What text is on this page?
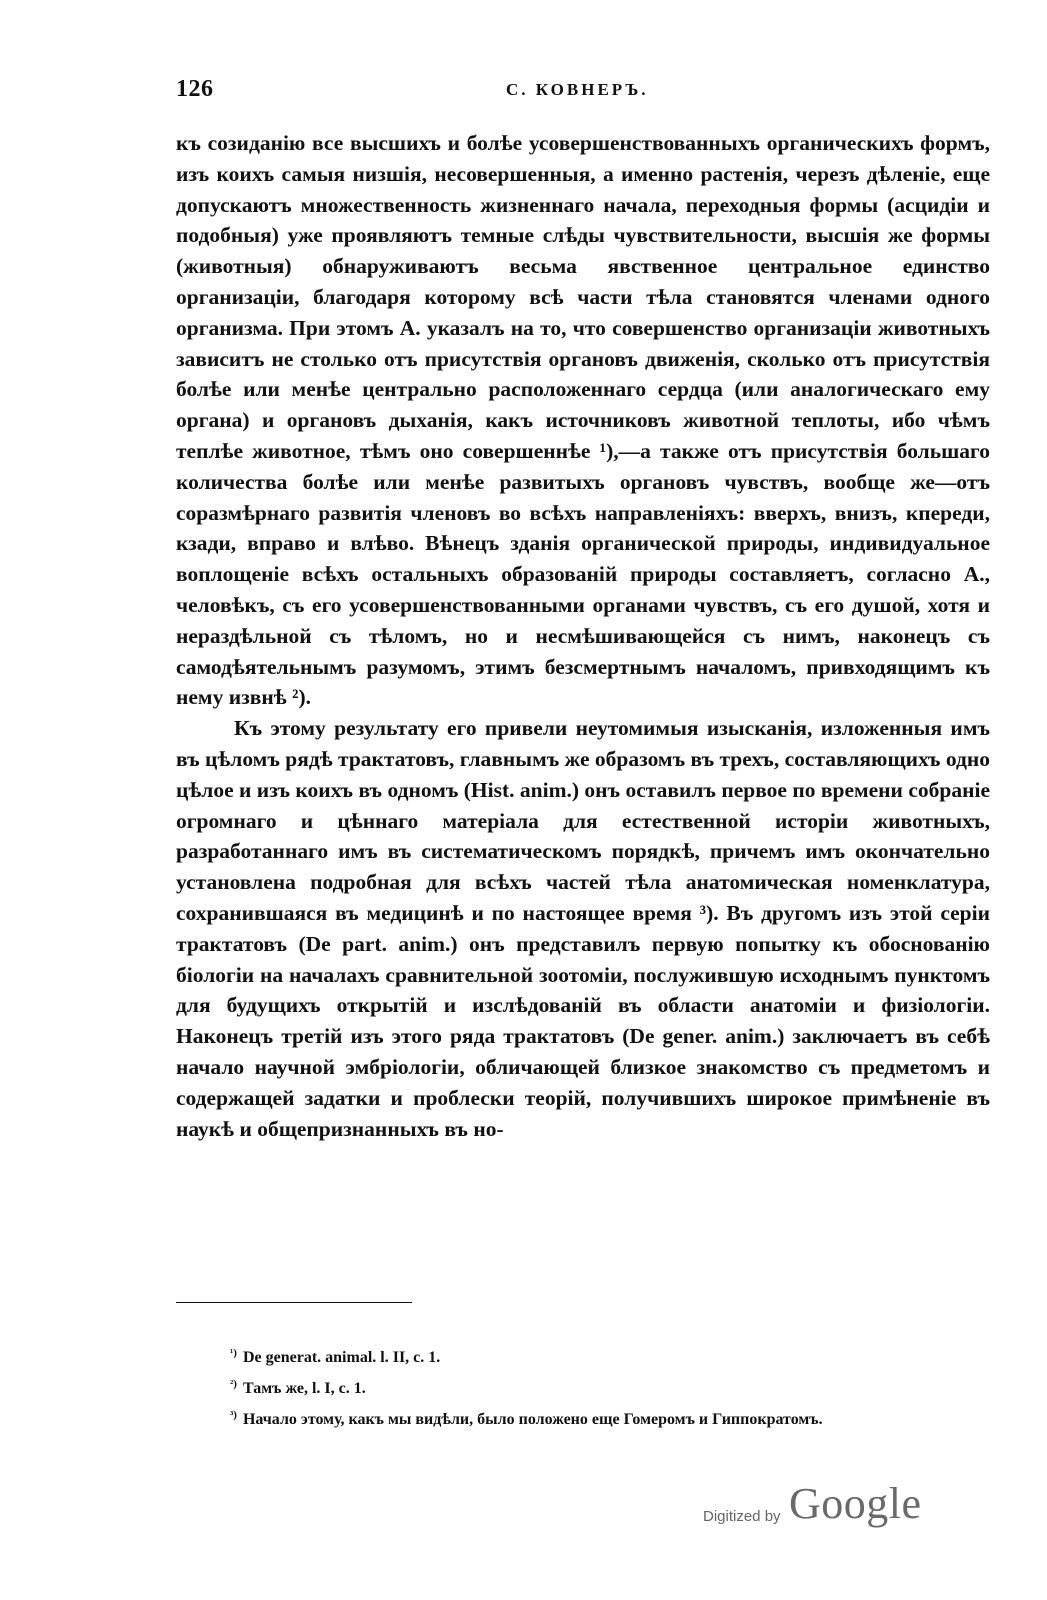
126	С. КОВНЕРЪ.

къ созиданію все высшихъ и болѣе усовершенствованныхъ органическихъ формъ, изъ коихъ самыя низшія, несовершенныя, а именно растенія, черезъ дѣленіе, еще допускаютъ множественность жизненнаго начала, переходныя формы (асцидіи и подобныя) уже проявляютъ темные слѣды чувствительности, высшія же формы (животныя) обнаруживаютъ весьма явственное центральное единство организаціи, благодаря которому всѣ части тѣла становятся членами одного организма. При этомъ А. указалъ на то, что совершенство организаціи животныхъ зависитъ не столько отъ присутствія органовъ движенія, сколько отъ присутствія болѣе или менѣе центрально расположеннаго сердца (или аналогическаго ему органа) и органовъ дыханія, какъ источниковъ животной теплоты, ибо чѣмъ теплѣе животное, тѣмъ оно совершеннѣе ¹),—а также отъ присутствія большаго количества болѣе или менѣе развитыхъ органовъ чувствъ, вообще же—отъ соразмѣрнаго развитія членовъ во всѣхъ направленіяхъ: вверхъ, внизъ, кпереди, кзади, вправо и влѣво. Вѣнецъ зданія органической природы, индивидуальное воплощеніе всѣхъ остальныхъ образованій природы составляетъ, согласно А., человѣкъ, съ его усовершенствованными органами чувствъ, съ его душой, хотя и нераздѣльной съ тѣломъ, но и несмѣшивающейся съ нимъ, наконецъ съ самодѣятельнымъ разумомъ, этимъ безсмертнымъ началомъ, привходящимъ къ нему извнѣ ²).

Къ этому результату его привели неутомимыя изысканія, изложенныя имъ въ цѣломъ рядѣ трактатовъ, главнымъ же образомъ въ трехъ, составляющихъ одно цѣлое и изъ коихъ въ одномъ (Hist. anim.) онъ оставилъ первое по времени собраніе огромнаго и цѣннаго матеріала для естественной исторіи животныхъ, разработаннаго имъ въ систематическомъ порядкѣ, причемъ имъ окончательно установлена подробная для всѣхъ частей тѣла анатомическая номенклатура, сохранившаяся въ медицинѣ и по настоящее время ³). Въ другомъ изъ этой серіи трактатовъ (De part. anim.) онъ представилъ первую попытку къ обоснованію біологіи на началахъ сравнительной зоотоміи, послужившую исходнымъ пунктомъ для будущихъ открытій и изслѣдованій въ области анатоміи и физіологіи. Наконецъ третій изъ этого ряда трактатовъ (De gener. anim.) заключаетъ въ себѣ начало научной эмбріологіи, обличающей близкое знакомство съ предметомъ и содержащей задатки и проблески теорій, получившихъ широкое примѣненіе въ наукѣ и общепризнанныхъ въ но-

$^{^1)}$ De generat. animal. l. II, c. 1.

$^{^2)}$ Тамъ же, l. I, c. 1.

$^{^3)}$ Начало этому, какъ мы видѣли, было положено еще Гомеромъ и Гиппократомъ.

Digitized by Google
